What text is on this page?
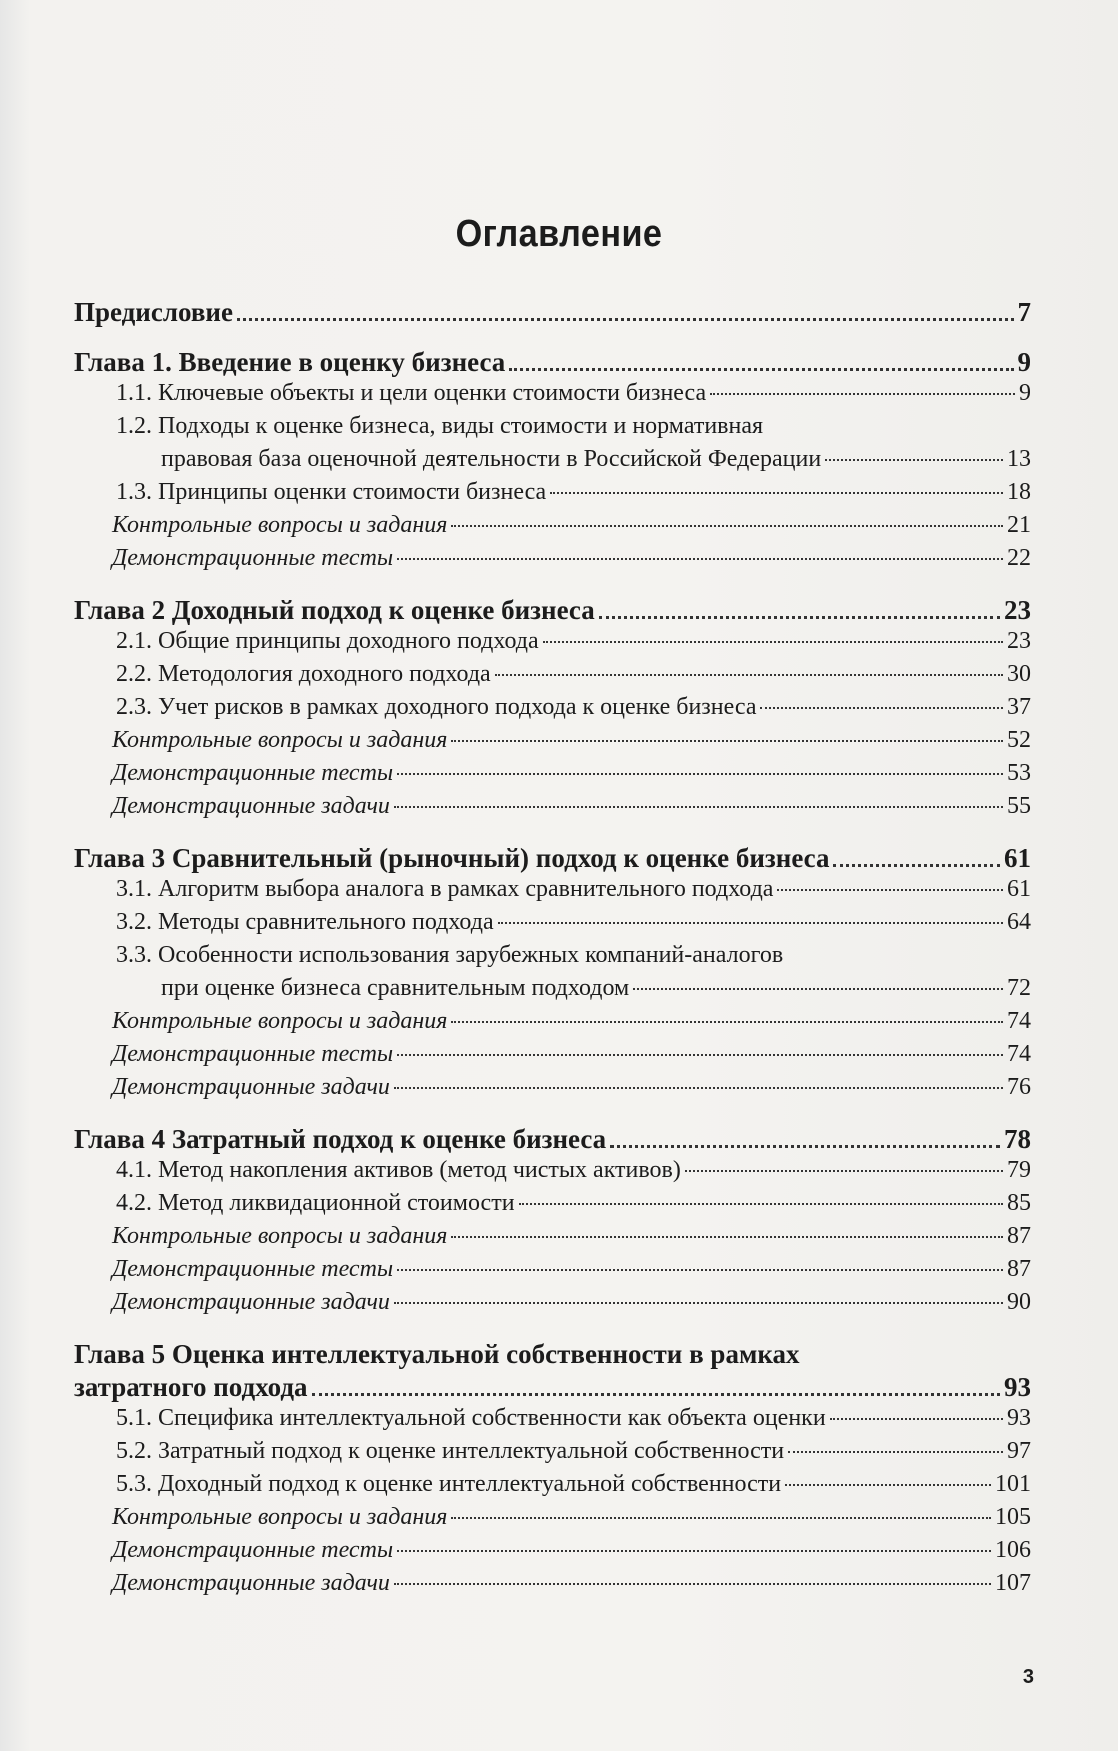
Оглавление
Предисловие	7
Глава 1. Введение в оценку бизнеса	9
1.1. Ключевые объекты и цели оценки стоимости бизнеса	9
1.2. Подходы к оценке бизнеса, виды стоимости и нормативная
правовая база оценочной деятельности в Российской Федерации	13
1.3. Принципы оценки стоимости бизнеса	18
Контрольные вопросы и задания	21
Демонстрационные тесты	22
Глава 2 Доходный подход к оценке бизнеса	23
2.1. Общие принципы доходного подхода	23
2.2. Методология доходного подхода	30
2.3. Учет рисков в рамках доходного подхода к оценке бизнеса	37
Контрольные вопросы и задания	52
Демонстрационные тесты	53
Демонстрационные задачи	55
Глава 3 Сравнительный (рыночный) подход к оценке бизнеса	61
3.1. Алгоритм выбора аналога в рамках сравнительного подхода	61
3.2. Методы сравнительного подхода	64
3.3. Особенности использования зарубежных компаний-аналогов
при оценке бизнеса сравнительным подходом	72
Контрольные вопросы и задания	74
Демонстрационные тесты	74
Демонстрационные задачи	76
Глава 4 Затратный подход к оценке бизнеса	78
4.1. Метод накопления активов (метод чистых активов)	79
4.2. Метод ликвидационной стоимости	85
Контрольные вопросы и задания	87
Демонстрационные тесты	87
Демонстрационные задачи	90
Глава 5 Оценка интеллектуальной собственности в рамках
затратного подхода	93
5.1. Специфика интеллектуальной собственности как объекта оценки	93
5.2. Затратный подход к оценке интеллектуальной собственности	97
5.3. Доходный подход к оценке интеллектуальной собственности	101
Контрольные вопросы и задания	105
Демонстрационные тесты	106
Демонстрационные задачи	107
3
